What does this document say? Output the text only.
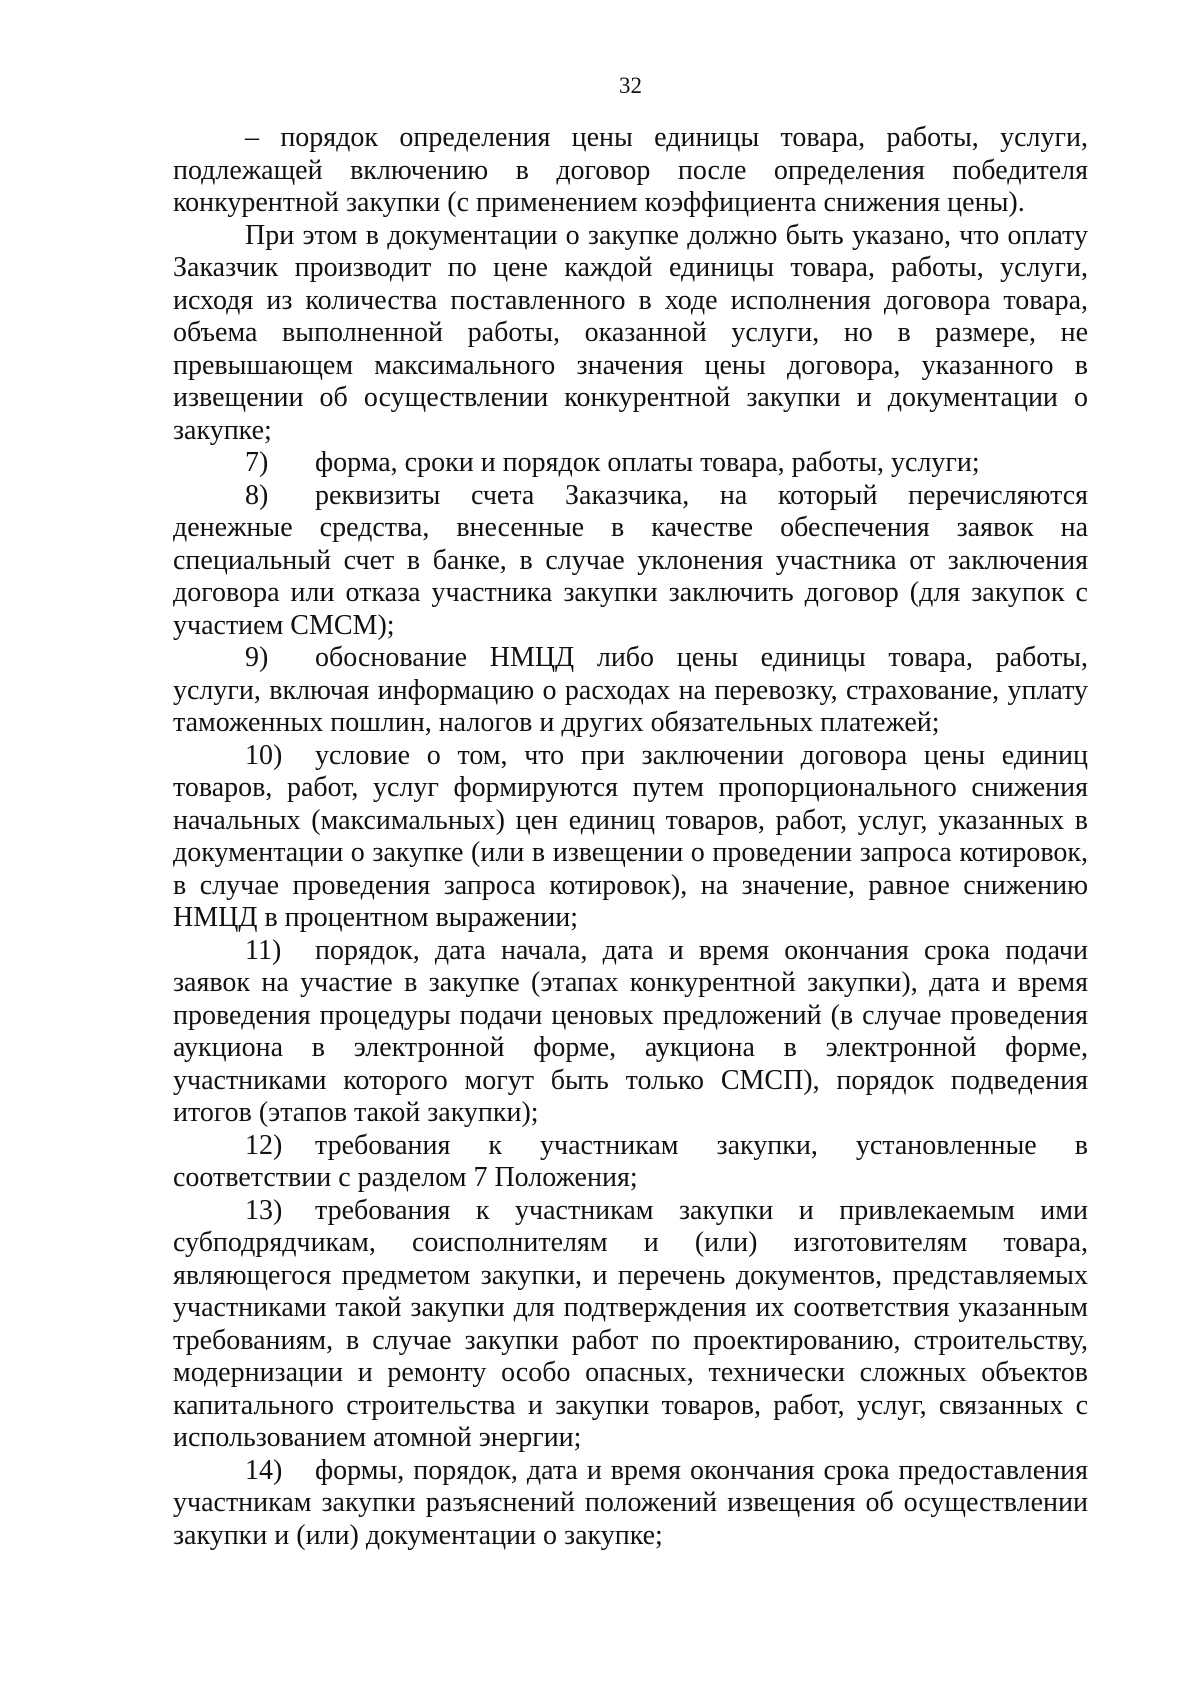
32

– порядок определения цены единицы товара, работы, услуги, подлежащей включению в договор после определения победителя конкурентной закупки (с применением коэффициента снижения цены).

При этом в документации о закупке должно быть указано, что оплату Заказчик производит по цене каждой единицы товара, работы, услуги, исходя из количества поставленного в ходе исполнения договора товара, объема выполненной работы, оказанной услуги, но в размере, не превышающем максимального значения цены договора, указанного в извещении об осуществлении конкурентной закупки и документации о закупке;

7) форма, сроки и порядок оплаты товара, работы, услуги;

8) реквизиты счета Заказчика, на который перечисляются денежные средства, внесенные в качестве обеспечения заявок на специальный счет в банке, в случае уклонения участника от заключения договора или отказа участника закупки заключить договор (для закупок с участием СМСМ);

9) обоснование НМЦД либо цены единицы товара, работы, услуги, включая информацию о расходах на перевозку, страхование, уплату таможенных пошлин, налогов и других обязательных платежей;

10) условие о том, что при заключении договора цены единиц товаров, работ, услуг формируются путем пропорционального снижения начальных (максимальных) цен единиц товаров, работ, услуг, указанных в документации о закупке (или в извещении о проведении запроса котировок, в случае проведения запроса котировок), на значение, равное снижению НМЦД в процентном выражении;

11) порядок, дата начала, дата и время окончания срока подачи заявок на участие в закупке (этапах конкурентной закупки), дата и время проведения процедуры подачи ценовых предложений (в случае проведения аукциона в электронной форме, аукциона в электронной форме, участниками которого могут быть только СМСП), порядок подведения итогов (этапов такой закупки);

12) требования к участникам закупки, установленные в соответствии с разделом 7 Положения;

13) требования к участникам закупки и привлекаемым ими субподрядчикам, соисполнителям и (или) изготовителям товара, являющегося предметом закупки, и перечень документов, представляемых участниками такой закупки для подтверждения их соответствия указанным требованиям, в случае закупки работ по проектированию, строительству, модернизации и ремонту особо опасных, технически сложных объектов капитального строительства и закупки товаров, работ, услуг, связанных с использованием атомной энергии;

14) формы, порядок, дата и время окончания срока предоставления участникам закупки разъяснений положений извещения об осуществлении закупки и (или) документации о закупке;
